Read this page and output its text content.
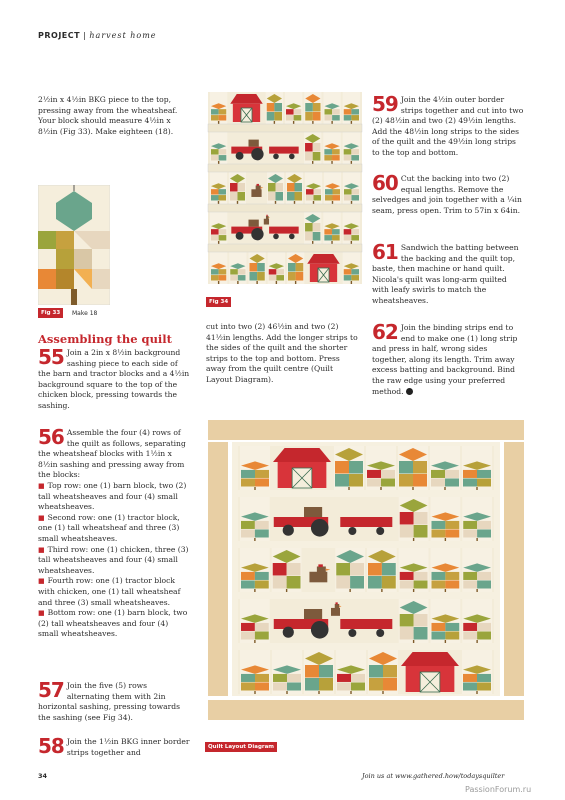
PROJECT | harvest home

2½in x 4½in BKG piece to the top, pressing away from the wheatsheaf. Your block should measure 4½in x 8½in (Fig 33). Make eighteen (18).

Fig 33	Make 18
Assembling the quilt
55 Join a 2in x 8½in background sashing piece to each side of the barn and tractor blocks and a 4½in background square to the top of the chicken block, pressing towards the sashing.

56 Assemble the four (4) rows of the quilt as follows, separating the wheatsheaf blocks with 1½in x 8½in sashing and pressing away from the blocks:

■ Top row: one (1) barn block, two (2) tall wheatsheaves and four (4) small wheatsheaves.

■ Second row: one (1) tractor block, one (1) tall wheatsheaf and three (3) small wheatsheaves.

■ Third row: one (1) chicken, three (3) tall wheatsheaves and four (4) small wheatsheaves.

■ Fourth row: one (1) tractor block with chicken, one (1) tall wheatsheaf and three (3) small wheatsheaves.

■ Bottom row: one (1) barn block, two (2) tall wheatsheaves and four (4) small wheatsheaves.

57 Join the five (5) rows alternating them with 2in horizontal sashing, pressing towards the sashing (see Fig 34).
58 Join the 1½in BKG inner border strips together and
Fig 34

cut into two (2) 46½in and two (2) 41½in lengths. Add the longer strips to the sides of the quilt and the shorter strips to the top and bottom. Press away from the quilt centre (Quilt Layout Diagram).

59 Join the 4½in outer border strips together and cut into two (2) 48½in and two (2) 49½in lengths. Add the 48½in long strips to the sides of the quilt and the 49½in long strips to the top and bottom.
60 Cut the backing into two (2) equal lengths. Remove the selvedges and join together with a ¼in seam, press open. Trim to 57in x 64in.
61 Sandwich the batting between the backing and the quilt top, baste, then machine or hand quilt. Nicola's quilt was long-arm quilted with leafy swirls to match the wheatsheaves.
62 Join the binding strips end to end to make one (1) long strip and press in half, wrong sides together, along its length. Trim away excess batting and background. Bind the raw edge using your preferred method.
Quilt Layout Diagram
34	Join us at www.gathered.how/todaysquilter
PassionForum.ru
